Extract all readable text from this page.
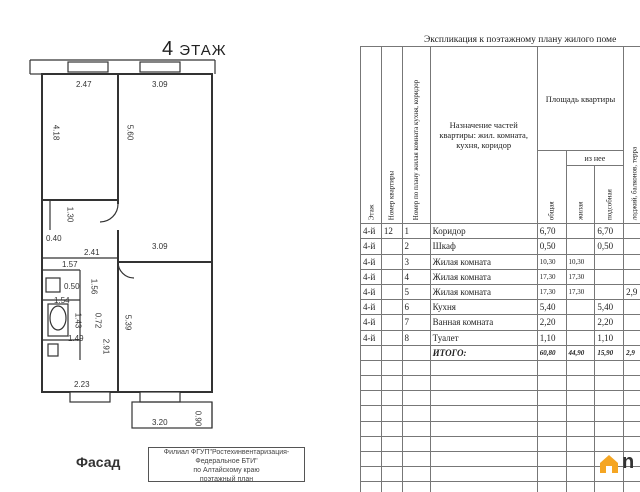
4 ЭТАЖ
2.47	3.09
4.18	5.60
1.30
0.40
2.41
1.57
3.09
0.50 1.56
1.54
1.43 0.72	5.39
1.49
2.91
2.23
3.20	0.90
Фасад
Филиал ФГУП"Ростехинвентаризация-Федеральное БТИ"
по Алтайскому краю
поэтажный план
Экспликация к поэтажному плану жилого поме
Этаж	Номер квартиры	Номер по плану жилая комната кухня, коридор	Назначение частей квартиры: жил. комната, кухня, коридор	Площадь квартиры			лоджий, балконов, терра
				общая	из нее		
					жилая	подсобная	
4-й	12	1	Коридор	6,70		6,70	
4-й		2	Шкаф	0,50		0,50	
4-й		3	Жилая комната	10,30	10,30		
4-й		4	Жилая комната	17,30	17,30		
4-й		5	Жилая комната	17,30	17,30		2,9
4-й		6	Кухня	5,40		5,40	
4-й		7	Ванная комната	2,20		2,20	
4-й		8	Туалет	1,10		1,10	
			ИТОГО:	60,80	44,90	15,90	2,9

n
